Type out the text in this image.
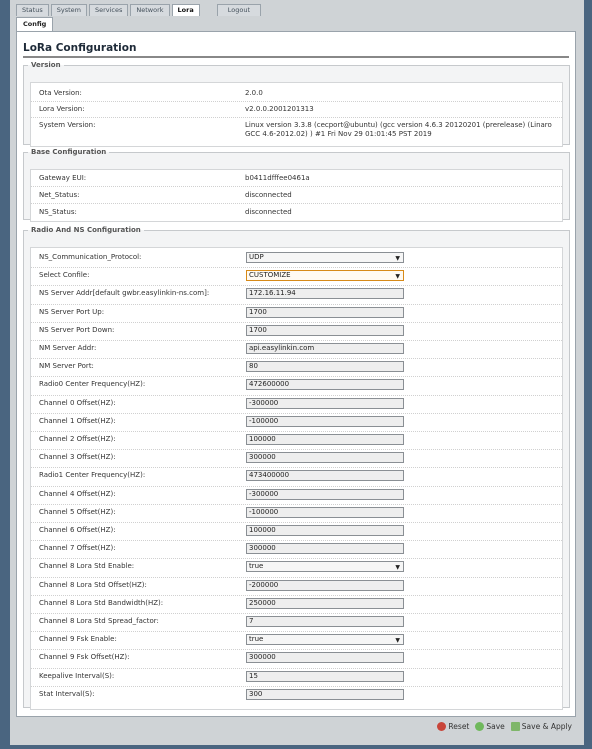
Status	System	Services	Network	Lora	Logout
Config
LoRa Configuration
Version
Ota Version:	2.0.0
Lora Version:	v2.0.0.2001201313
System Version:	Linux version 3.3.8 (cecport@ubuntu) (gcc version 4.6.3 20120201 (prerelease) (Linaro GCC 4.6-2012.02) ) #1 Fri Nov 29 01:01:45 PST 2019
Base Configuration
Gateway EUI:	b0411dfffee0461a
Net_Status:	disconnected
NS_Status:	disconnected
Radio And NS Configuration
NS_Communication_Protocol:	UDP	▼
Select Confile:	CUSTOMIZE	▼
NS Server Addr[default gwbr.easylinkin-ns.com]:	172.16.11.94
NS Server Port Up:	1700
NS Server Port Down:	1700
NM Server Addr:	api.easylinkin.com
NM Server Port:	80
Radio0 Center Frequency(HZ):	472600000
Channel 0 Offset(HZ):	-300000
Channel 1 Offset(HZ):	-100000
Channel 2 Offset(HZ):	100000
Channel 3 Offset(HZ):	300000
Radio1 Center Frequency(HZ):	473400000
Channel 4 Offset(HZ):	-300000
Channel 5 Offset(HZ):	-100000
Channel 6 Offset(HZ):	100000
Channel 7 Offset(HZ):	300000
Channel 8 Lora Std Enable:	true	▼
Channel 8 Lora Std Offset(HZ):	-200000
Channel 8 Lora Std Bandwidth(HZ):	250000
Channel 8 Lora Std Spread_factor:	7
Channel 9 Fsk Enable:	true	▼
Channel 9 Fsk Offset(HZ):	300000
Keepalive Interval(S):	15
Stat Interval(S):	300
Reset Save Save & Apply
